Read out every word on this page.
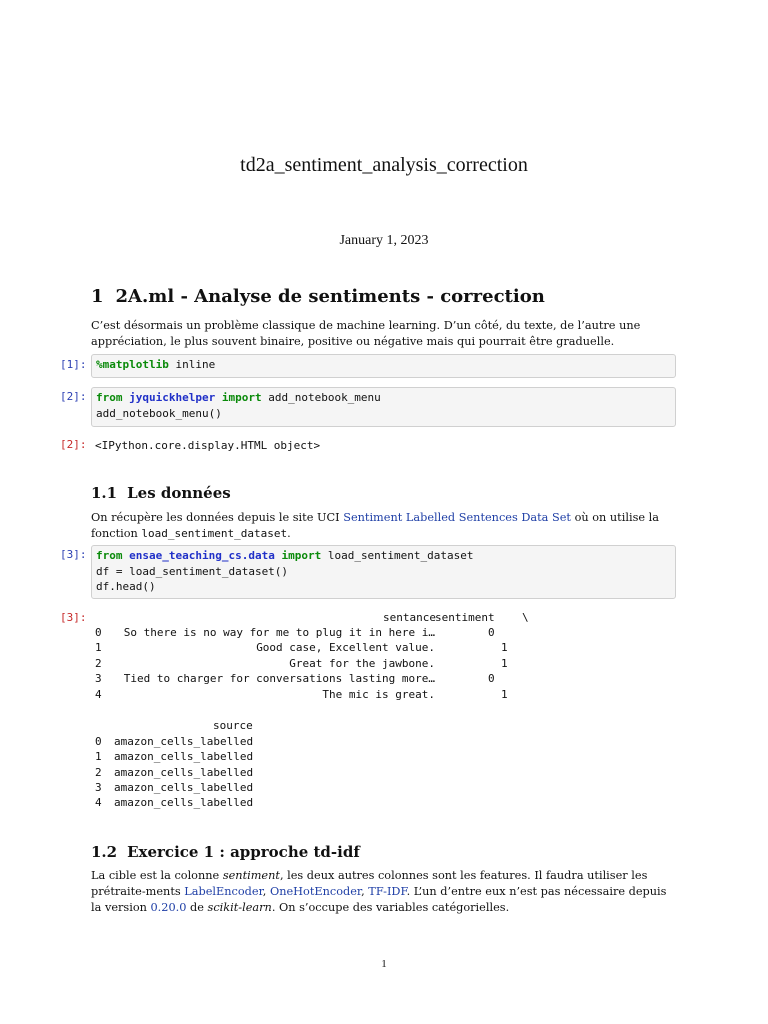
td2a_sentiment_analysis_correction
January 1, 2023
1 2A.ml - Analyse de sentiments - correction
C’est désormais un problème classique de machine learning. D’un côté, du texte, de l’autre une appréciation, le plus souvent binaire, positive ou négative mais qui pourrait être graduelle.
[1]: %matplotlib inline
[2]: from jyquickhelper import add_notebook_menu
add_notebook_menu()
[2]: <IPython.core.display.HTML object>
1.1 Les données
On récupère les données depuis le site UCI Sentiment Labelled Sentences Data Set où on utilise la fonction load_sentiment_dataset.
[3]: from ensae_teaching_cs.data import load_sentiment_dataset
df = load_sentiment_dataset()
df.head()
[3]:	sentance sentiment \
0 So there is no way for me to plug it in here i…	0
1	Good case, Excellent value.	1
2	Great for the jawbone.	1
3 Tied to charger for conversations lasting more…	0
4	The mic is great.	1
source
0 amazon_cells_labelled
1 amazon_cells_labelled
2 amazon_cells_labelled
3 amazon_cells_labelled
4 amazon_cells_labelled
1.2 Exercice 1 : approche td-idf
La cible est la colonne sentiment, les deux autres colonnes sont les features. Il faudra utiliser les prétraite-ments LabelEncoder, OneHotEncoder, TF-IDF. L’un d’entre eux n’est pas nécessaire depuis la version 0.20.0 de scikit-learn. On s’occupe des variables catégorielles.
1
